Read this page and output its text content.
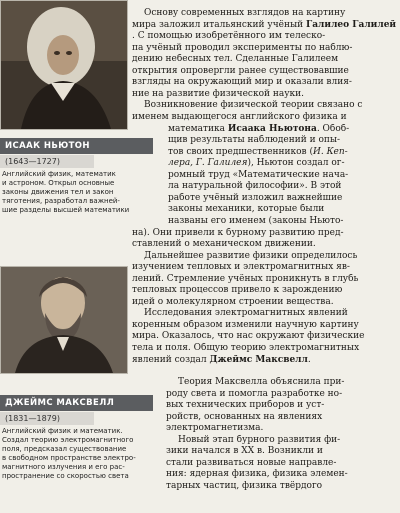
ИСААК НЬЮТОН
(1643—1727)
Английский физик, математик
и астроном. Открыл основные
законы движения тел и закон
тяготения, разработал важней-
шие разделы высшей математики
ДЖЕЙМС МАКСВЕЛЛ
(1831—1879)
Английский физик и математик.
Создал теорию электромагнитного
поля, предсказал существование
в свободном пространстве электро-
магнитного излучения и его рас-
пространение со скоростью света
Основу современных взглядов на картину
мира заложил итальянский учёный Галилео Галилей
. С помощью изобретённого им телеско-
па учёный проводил эксперименты по наблю-
дению небесных тел. Сделанные Галилеем
открытия опровергли ранее существовавшие
взгляды на окружающий мир и оказали влия-
ние на развитие физической науки.
Возникновение физической теории связано с
именем выдающегося английского физика и
математика Исаака Ньютона. Обоб-
щив результаты наблюдений и опы-
тов своих предшественников (И. Кеп-
лера, Г. Галилея), Ньютон создал ог-
ромный труд «Математические нача-
ла натуральной философии». В этой
работе учёный изложил важнейшие
законы механики, которые были
названы его именем (законы Ньюто-
на). Они привели к бурному развитию пред-
ставлений о механическом движении.
Дальнейшее развитие физики определилось
изучением тепловых и электромагнитных яв-
лений. Стремление учёных проникнуть в глубь
тепловых процессов привело к зарождению
идей о молекулярном строении вещества.
Исследования электромагнитных явлений
коренным образом изменили научную картину
мира. Оказалось, что нас окружают физические
тела и поля. Общую теорию электромагнитных
явлений создал Джеймс Максвелл.
Теория Максвелла объяснила при-
роду света и помогла разработке но-
вых технических приборов и уст-
ройств, основанных на явлениях
электромагнетизма.
Новый этап бурного развития фи-
зики начался в XX в. Возникли и
стали развиваться новые направле-
ния: ядерная физика, физика элемен-
тарных частиц, физика твёрдого
